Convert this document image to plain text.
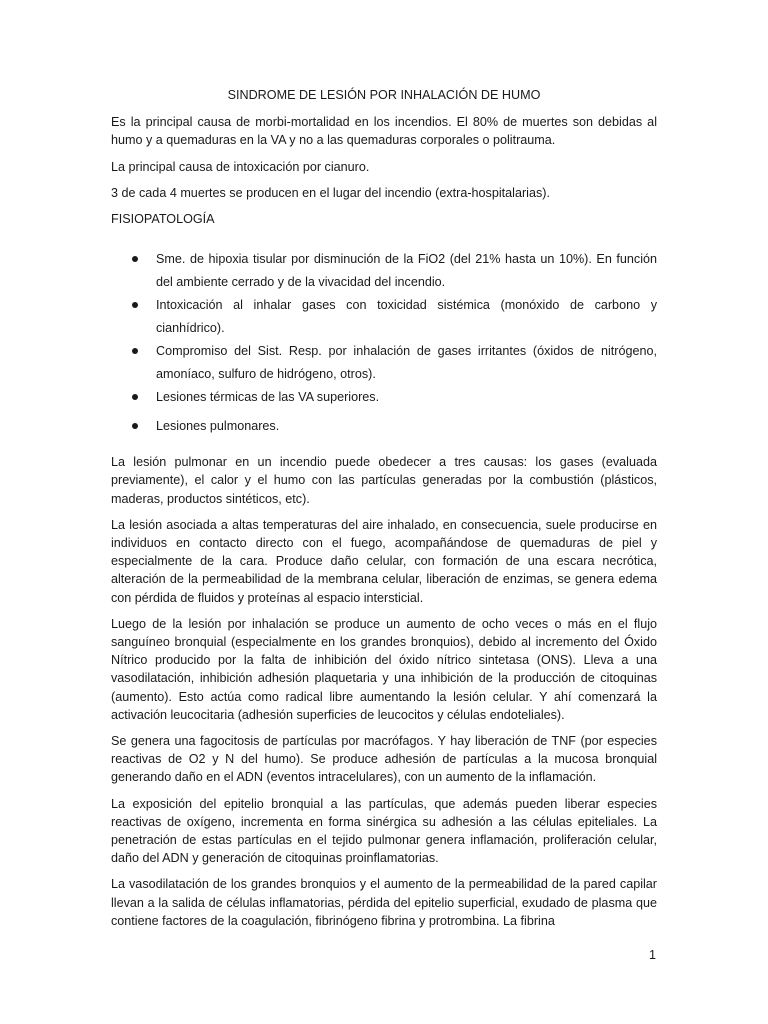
SINDROME DE LESIÓN POR INHALACIÓN DE HUMO

Es la principal causa de morbi-mortalidad en los incendios. El 80% de muertes son debidas al humo y a quemaduras en la VA y no a las quemaduras corporales o politrauma.

La principal causa de intoxicación por cianuro.

3 de cada 4 muertes se producen en el lugar del incendio (extra-hospitalarias).

FISIOPATOLOGÍA

Sme. de hipoxia tisular por disminución de la FiO2 (del 21% hasta un 10%). En función del ambiente cerrado y de la vivacidad del incendio.
Intoxicación al inhalar gases con toxicidad sistémica (monóxido de carbono y cianhídrico).
Compromiso del Sist. Resp. por inhalación de gases irritantes (óxidos de nitrógeno, amoníaco, sulfuro de hidrógeno, otros).
Lesiones térmicas de las VA superiores.
Lesiones pulmonares.

La lesión pulmonar en un incendio puede obedecer a tres causas: los gases (evaluada previamente), el calor y el humo con las partículas generadas por la combustión (plásticos, maderas, productos sintéticos, etc).

La lesión asociada a altas temperaturas del aire inhalado, en consecuencia, suele producirse en individuos en contacto directo con el fuego, acompañándose de quemaduras de piel y especialmente de la cara. Produce daño celular, con formación de una escara necrótica, alteración de la permeabilidad de la membrana celular, liberación de enzimas, se genera edema con pérdida de fluidos y proteínas al espacio intersticial.

Luego de la lesión por inhalación se produce un aumento de ocho veces o más en el flujo sanguíneo bronquial (especialmente en los grandes bronquios), debido al incremento del Óxido Nítrico producido por la falta de inhibición del óxido nítrico sintetasa (ONS). Lleva a una vasodilatación, inhibición adhesión plaquetaria y una inhibición de la producción de citoquinas (aumento). Esto actúa como radical libre aumentando la lesión celular. Y ahí comenzará la activación leucocitaria (adhesión superficies de leucocitos y células endoteliales).

Se genera una fagocitosis de partículas por macrófagos. Y hay liberación de TNF (por especies reactivas de O2 y N del humo). Se produce adhesión de partículas a la mucosa bronquial generando daño en el ADN (eventos intracelulares), con un aumento de la inflamación.

La exposición del epitelio bronquial a las partículas, que además pueden liberar especies reactivas de oxígeno, incrementa en forma sinérgica su adhesión a las células epiteliales. La penetración de estas partículas en el tejido pulmonar genera inflamación, proliferación celular, daño del ADN y generación de citoquinas proinflamatorias.

La vasodilatación de los grandes bronquios y el aumento de la permeabilidad de la pared capilar llevan a la salida de células inflamatorias, pérdida del epitelio superficial, exudado de plasma que contiene factores de la coagulación, fibrinógeno fibrina y protrombina. La fibrina

1
